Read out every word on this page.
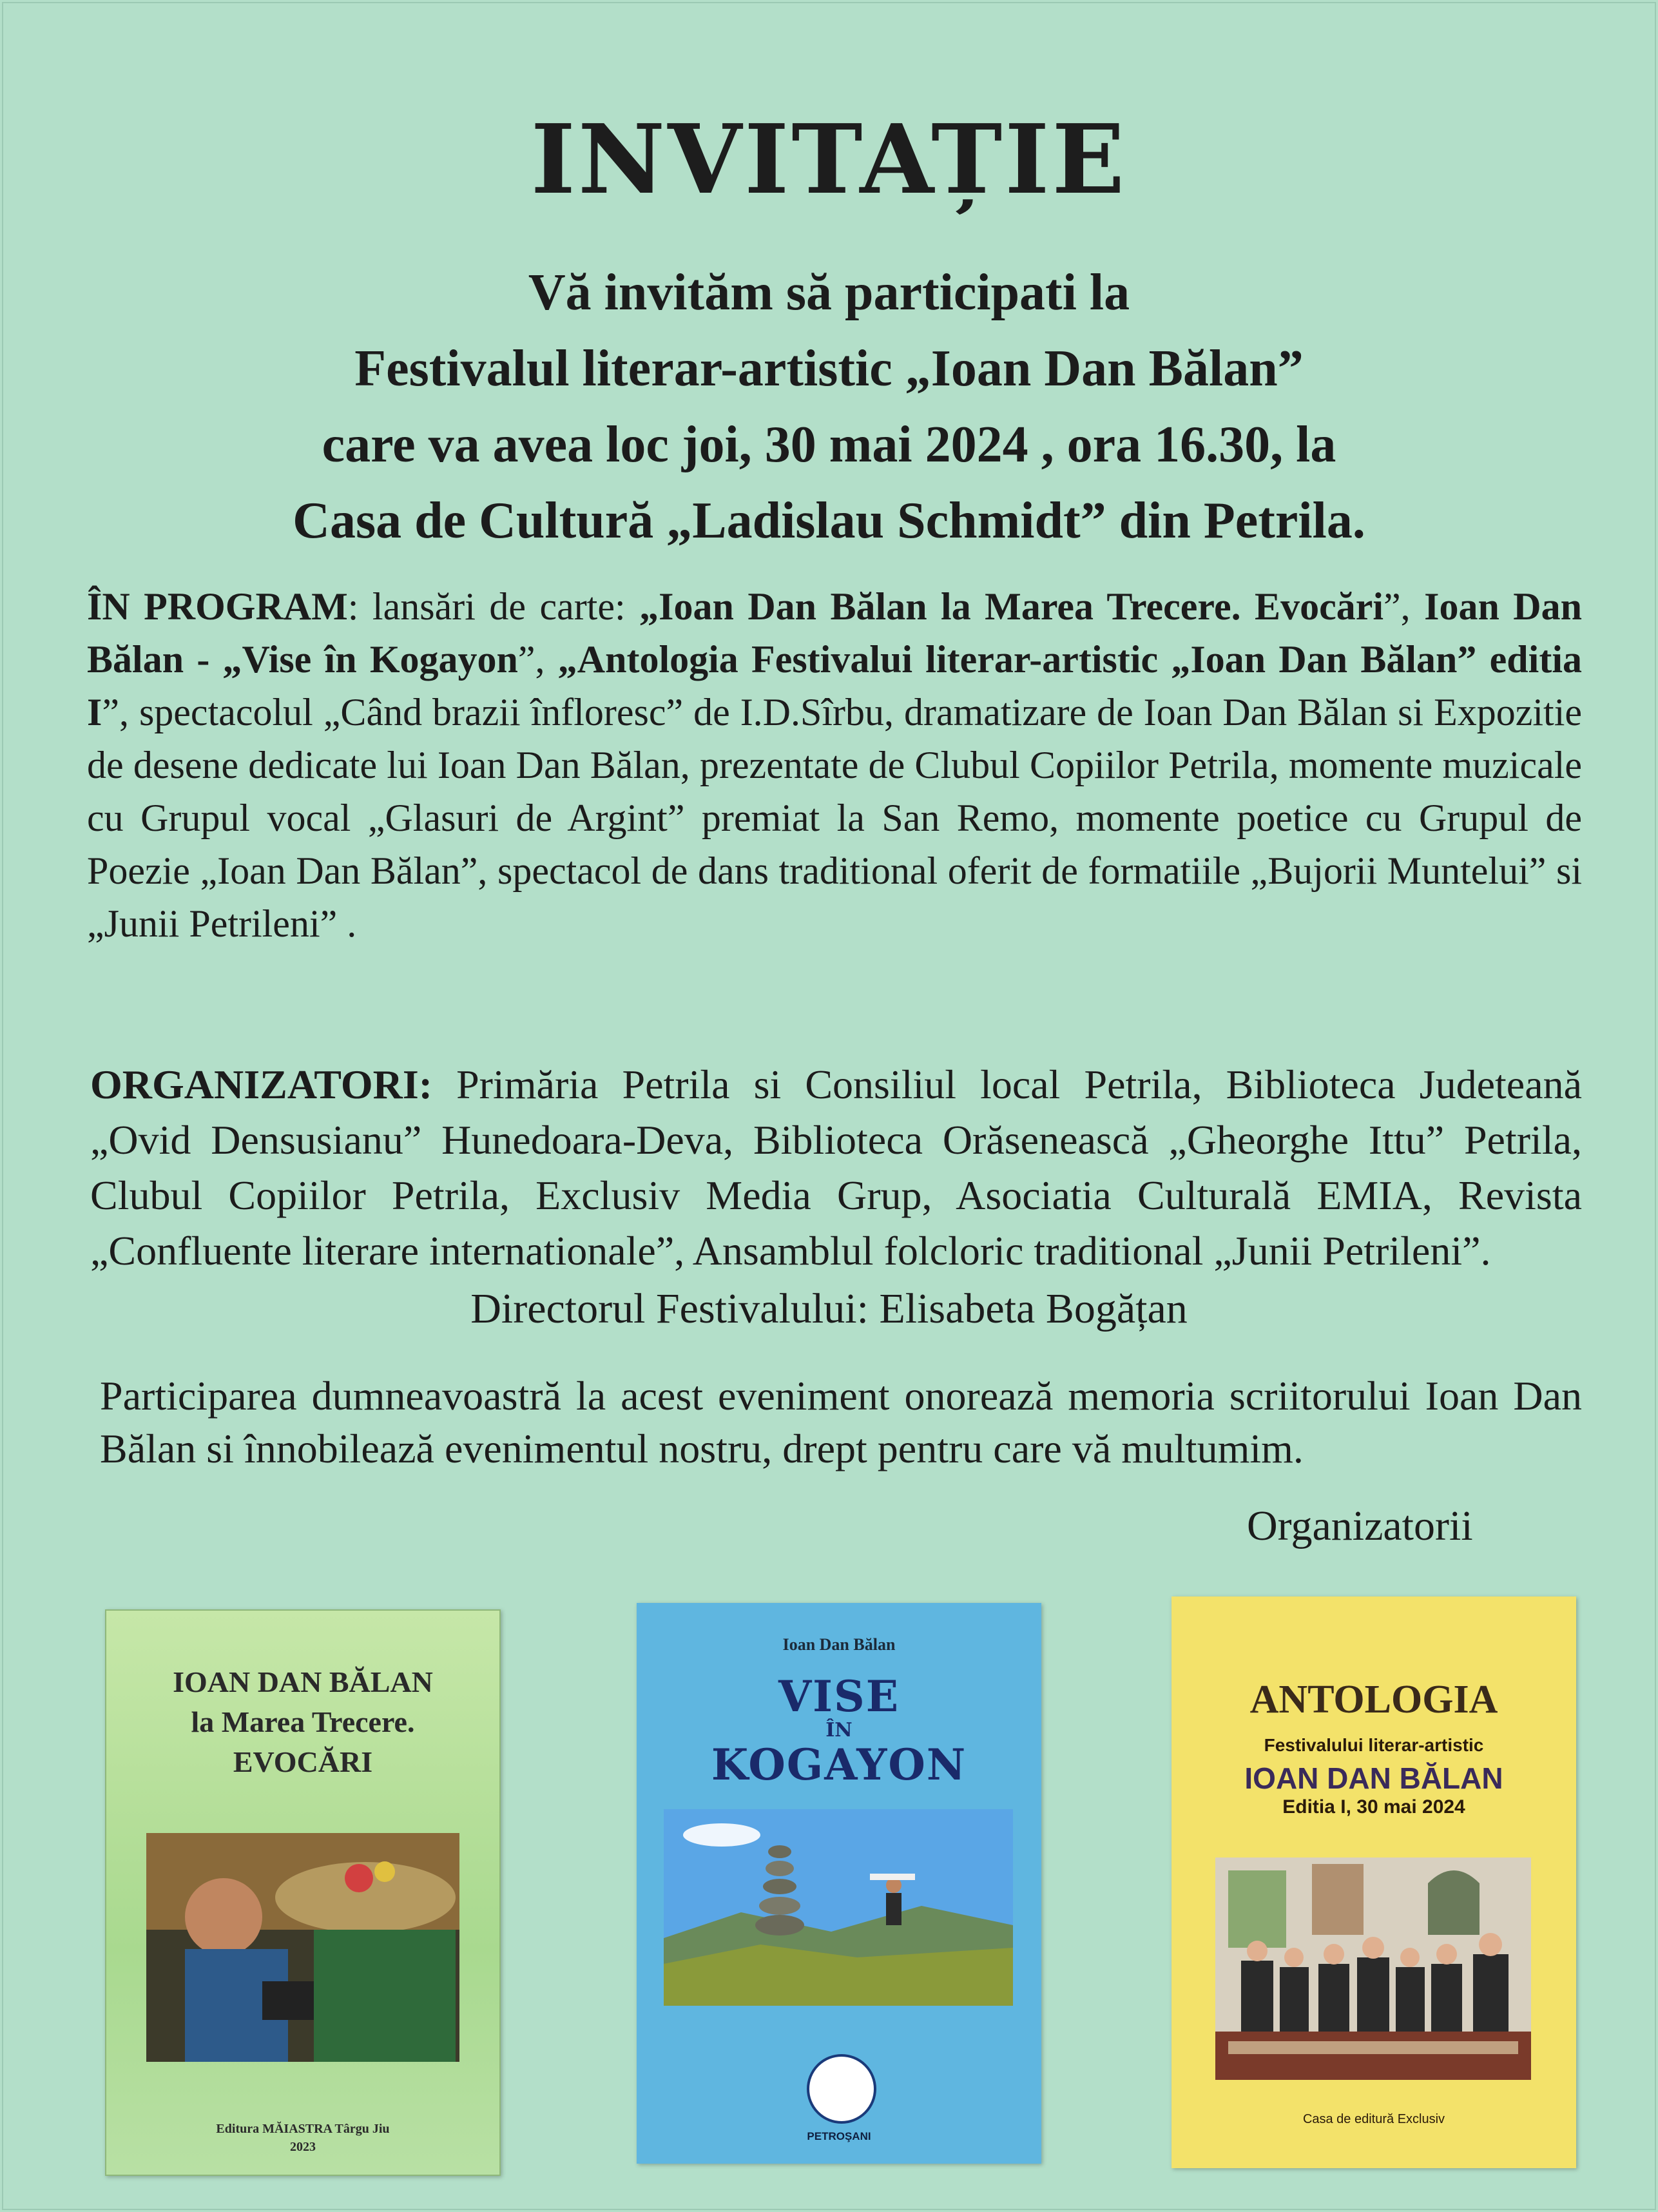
INVITAȚIE
Vă invităm să participati la
Festivalul literar-artistic „Ioan Dan Bălan”
care va avea loc joi, 30 mai 2024 , ora 16.30, la
Casa de Cultură „Ladislau Schmidt” din Petrila.
ÎN PROGRAM: lansări de carte: „Ioan Dan Bălan la Marea Trecere. Evocări”, Ioan Dan Bălan - „Vise în Kogayon”, „Antologia Festivalui literar-artistic „Ioan Dan Bălan” editia I”, spectacolul „Când brazii înfloresc” de I.D.Sîrbu, dramatizare de Ioan Dan Bălan si Expozitie de desene dedicate lui Ioan Dan Bălan, prezentate de Clubul Copiilor Petrila, momente muzicale cu Grupul vocal „Glasuri de Argint” premiat la San Remo, momente poetice cu Grupul de Poezie „Ioan Dan Bălan”, spectacol de dans traditional oferit de formatiile „Bujorii Muntelui” si „Junii Petrileni” .
ORGANIZATORI: Primăria Petrila si Consiliul local Petrila, Biblioteca Judeteană „Ovid Densusianu” Hunedoara-Deva, Biblioteca Orăsenească „Gheorghe Ittu” Petrila, Clubul Copiilor Petrila, Exclusiv Media Grup, Asociatia Culturală EMIA, Revista „Confluente literare internationale”, Ansamblul folcloric traditional „Junii Petrileni”.
Directorul Festivalului: Elisabeta Bogățan
Participarea dumneavoastră la acest eveniment onorează memoria scriitorului Ioan Dan Bălan si înnobilează evenimentul nostru, drept pentru care vă multumim.
Organizatorii
IOAN DAN BĂLAN
la Marea Trecere.
EVOCĂRI
Editura MĂIASTRA Târgu Jiu
2023
Ioan Dan Bălan
VISE
ÎN
KOGAYON
PETROŞANI
ANTOLOGIA
Festivalului literar-artistic
IOAN DAN BĂLAN
Editia I, 30 mai 2024
Casa de editură Exclusiv
